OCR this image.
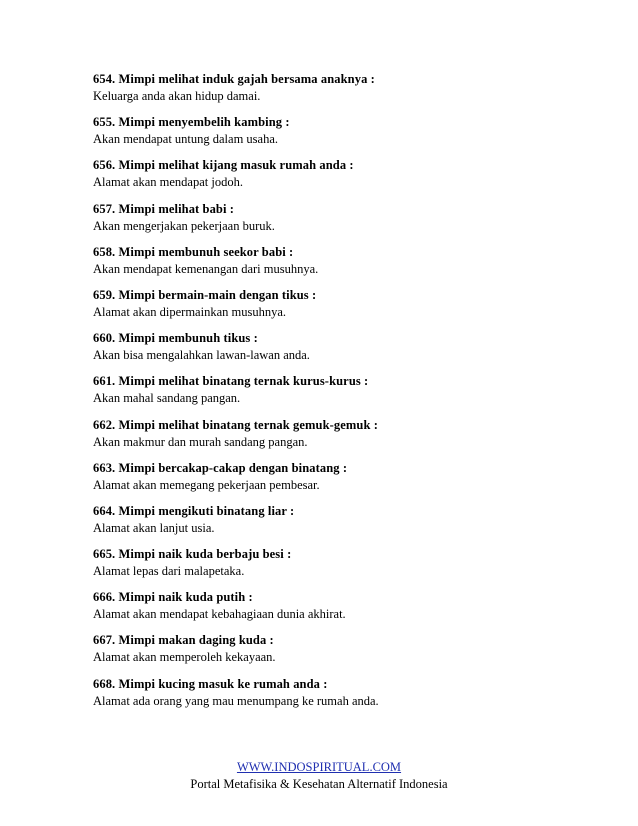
654. Mimpi melihat induk gajah bersama anaknya :
Keluarga anda akan hidup damai.
655. Mimpi menyembelih kambing :
Akan mendapat untung dalam usaha.
656. Mimpi melihat kijang masuk rumah anda :
Alamat akan mendapat jodoh.
657. Mimpi melihat babi :
Akan mengerjakan pekerjaan buruk.
658. Mimpi membunuh seekor babi :
Akan mendapat kemenangan dari musuhnya.
659. Mimpi bermain-main dengan tikus :
Alamat akan dipermainkan musuhnya.
660. Mimpi membunuh tikus :
Akan bisa mengalahkan lawan-lawan anda.
661. Mimpi melihat binatang ternak kurus-kurus :
Akan mahal sandang pangan.
662. Mimpi melihat binatang ternak gemuk-gemuk :
Akan makmur dan murah sandang pangan.
663. Mimpi bercakap-cakap dengan binatang :
Alamat akan memegang pekerjaan pembesar.
664. Mimpi mengikuti binatang liar :
Alamat akan lanjut usia.
665. Mimpi naik kuda berbaju besi :
Alamat lepas dari malapetaka.
666. Mimpi naik kuda putih :
Alamat akan mendapat kebahagiaan dunia akhirat.
667. Mimpi makan daging kuda :
Alamat akan memperoleh kekayaan.
668. Mimpi kucing masuk ke rumah anda :
Alamat ada orang yang mau menumpang ke rumah anda.
WWW.INDOSPIRITUAL.COM
Portal Metafisika & Kesehatan Alternatif Indonesia
